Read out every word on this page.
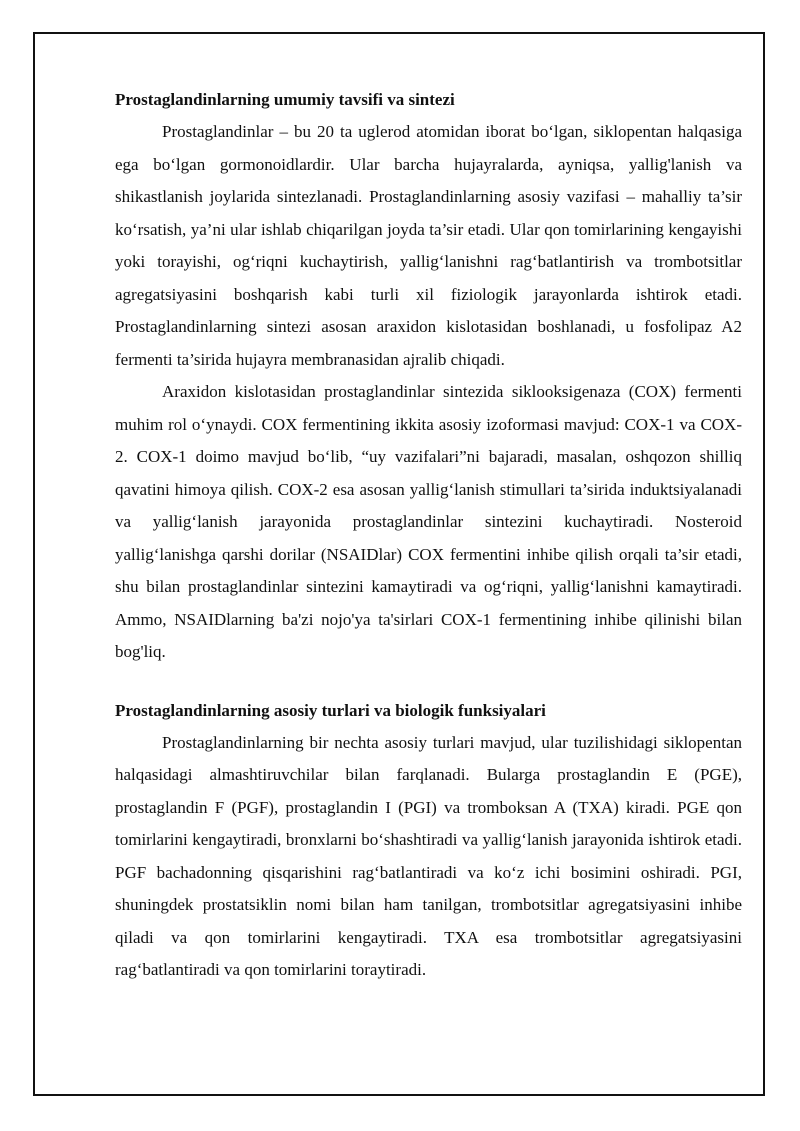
Prostaglandinlarning umumiy tavsifi va sintezi

Prostaglandinlar – bu 20 ta uglerod atomidan iborat bo‘lgan, siklopentan halqasiga ega bo‘lgan gormonoidlardir. Ular barcha hujayralarda, ayniqsa, yallig'lanish va shikastlanish joylarida sintezlanadi. Prostaglandinlarning asosiy vazifasi – mahalliy ta’sir ko‘rsatish, ya’ni ular ishlab chiqarilgan joyda ta’sir etadi. Ular qon tomirlarining kengayishi yoki torayishi, og‘riqni kuchaytirish, yallig‘lanishni rag‘batlantirish va trombotsitlar agregatsiyasini boshqarish kabi turli xil fiziologik jarayonlarda ishtirok etadi. Prostaglandinlarning sintezi asosan araxidon kislotasidan boshlanadi, u fosfolipaz A2 fermenti ta’sirida hujayra membranasidan ajralib chiqadi.

Araxidon kislotasidan prostaglandinlar sintezida siklooksigenaza (COX) fermenti muhim rol o‘ynaydi. COX fermentining ikkita asosiy izoformasi mavjud: COX-1 va COX-2. COX-1 doimo mavjud bo‘lib, “uy vazifalari”ni bajaradi, masalan, oshqozon shilliq qavatini himoya qilish. COX-2 esa asosan yallig‘lanish stimullari ta’sirida induktsiyalanadi va yallig‘lanish jarayonida prostaglandinlar sintezini kuchaytiradi. Nosteroid yallig‘lanishga qarshi dorilar (NSAIDlar) COX fermentini inhibe qilish orqali ta’sir etadi, shu bilan prostaglandinlar sintezini kamaytiradi va og‘riqni, yallig‘lanishni kamaytiradi. Ammo, NSAIDlarning ba'zi nojo'ya ta'sirlari COX-1 fermentining inhibe qilinishi bilan bog'liq.

Prostaglandinlarning asosiy turlari va biologik funksiyalari

Prostaglandinlarning bir nechta asosiy turlari mavjud, ular tuzilishidagi siklopentan halqasidagi almashtiruvchilar bilan farqlanadi. Bularga prostaglandin E (PGE), prostaglandin F (PGF), prostaglandin I (PGI) va tromboksan A (TXA) kiradi. PGE qon tomirlarini kengaytiradi, bronxlarni bo‘shashtiradi va yallig‘lanish jarayonida ishtirok etadi. PGF bachadonning qisqarishini rag‘batlantiradi va ko‘z ichi bosimini oshiradi. PGI, shuningdek prostatsiklin nomi bilan ham tanilgan, trombotsitlar agregatsiyasini inhibe qiladi va qon tomirlarini kengaytiradi. TXA esa trombotsitlar agregatsiyasini rag‘batlantiradi va qon tomirlarini toraytiradi.
